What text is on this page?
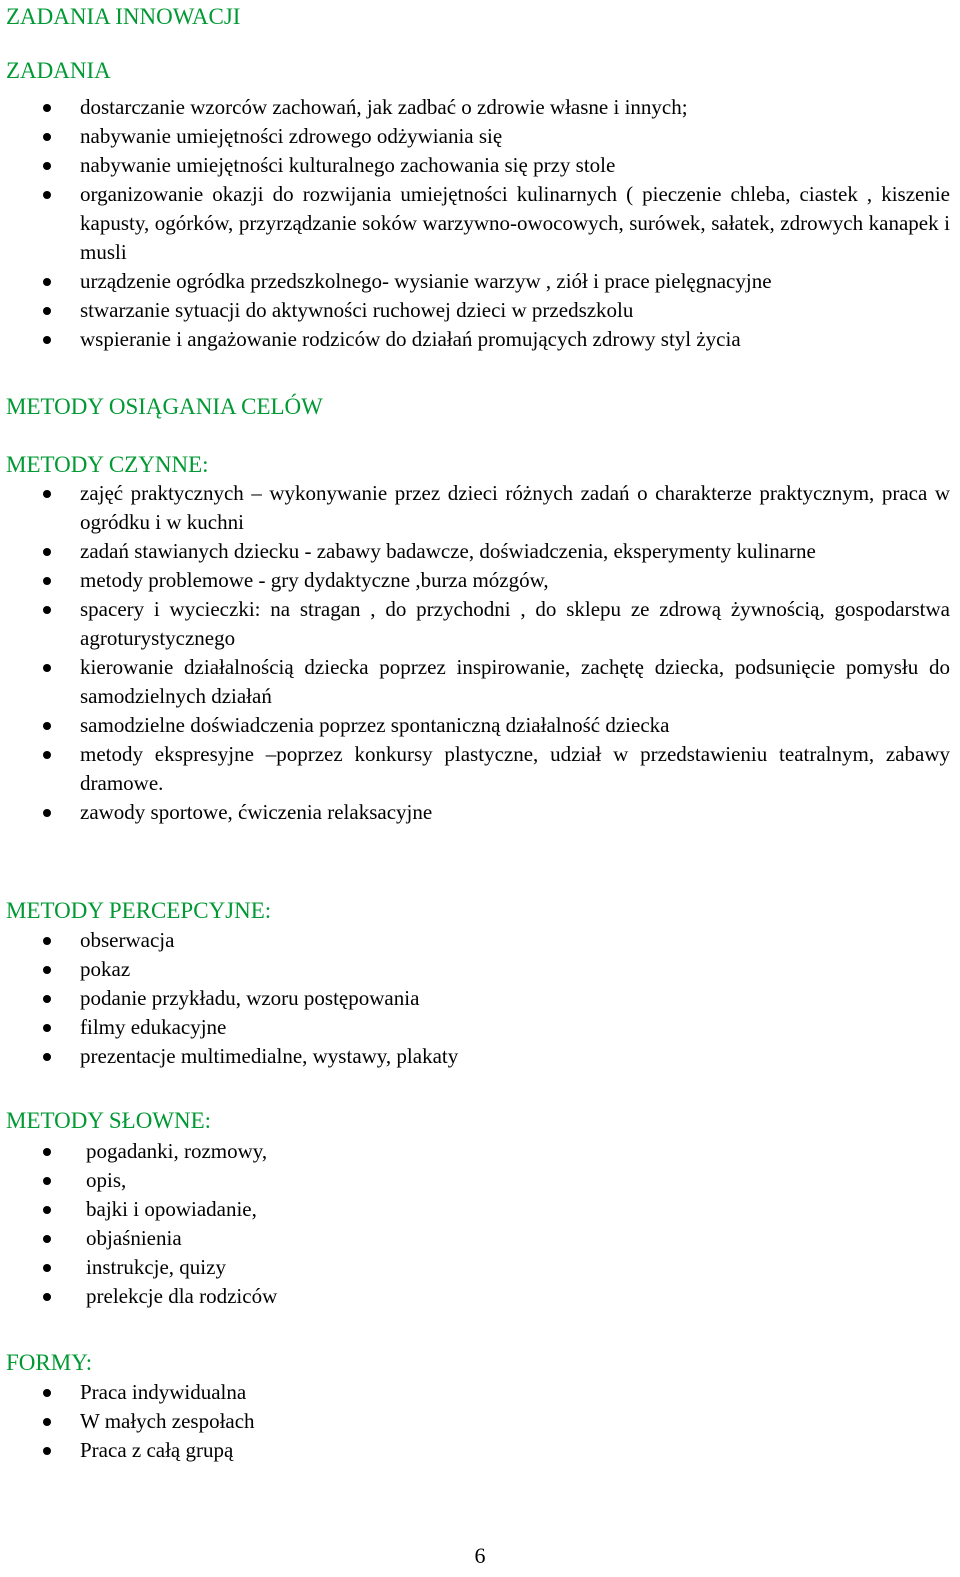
ZADANIA INNOWACJI
ZADANIA
dostarczanie wzorców zachowań, jak zadbać o zdrowie własne i innych;
nabywanie umiejętności zdrowego odżywiania się
nabywanie umiejętności kulturalnego zachowania się przy stole
organizowanie okazji do rozwijania umiejętności kulinarnych ( pieczenie chleba, ciastek , kiszenie kapusty, ogórków, przyrządzanie soków warzywno-owocowych, surówek, sałatek, zdrowych kanapek i musli
urządzenie ogródka przedszkolnego- wysianie warzyw , ziół i prace pielęgnacyjne
stwarzanie sytuacji do aktywności ruchowej dzieci w przedszkolu
wspieranie i angażowanie rodziców do działań promujących zdrowy styl życia
METODY OSIĄGANIA CELÓW
METODY CZYNNE:
zajęć praktycznych – wykonywanie przez dzieci różnych zadań o charakterze praktycznym, praca w ogródku i w kuchni
zadań stawianych dziecku - zabawy badawcze, doświadczenia, eksperymenty kulinarne
metody problemowe - gry dydaktyczne ,burza mózgów,
spacery i wycieczki: na stragan , do przychodni , do sklepu ze zdrową żywnością, gospodarstwa agroturystycznego
kierowanie działalnością dziecka poprzez inspirowanie, zachętę dziecka, podsunięcie pomysłu do samodzielnych działań
samodzielne doświadczenia poprzez spontaniczną działalność dziecka
metody ekspresyjne –poprzez konkursy plastyczne, udział w przedstawieniu teatralnym, zabawy dramowe.
zawody sportowe, ćwiczenia relaksacyjne
METODY PERCEPCYJNE:
obserwacja
pokaz
podanie przykładu, wzoru postępowania
filmy edukacyjne
prezentacje multimedialne, wystawy, plakaty
METODY SŁOWNE:
pogadanki, rozmowy,
opis,
bajki i opowiadanie,
objaśnienia
instrukcje, quizy
prelekcje dla rodziców
FORMY:
Praca indywidualna
W małych zespołach
Praca z całą grupą
6
